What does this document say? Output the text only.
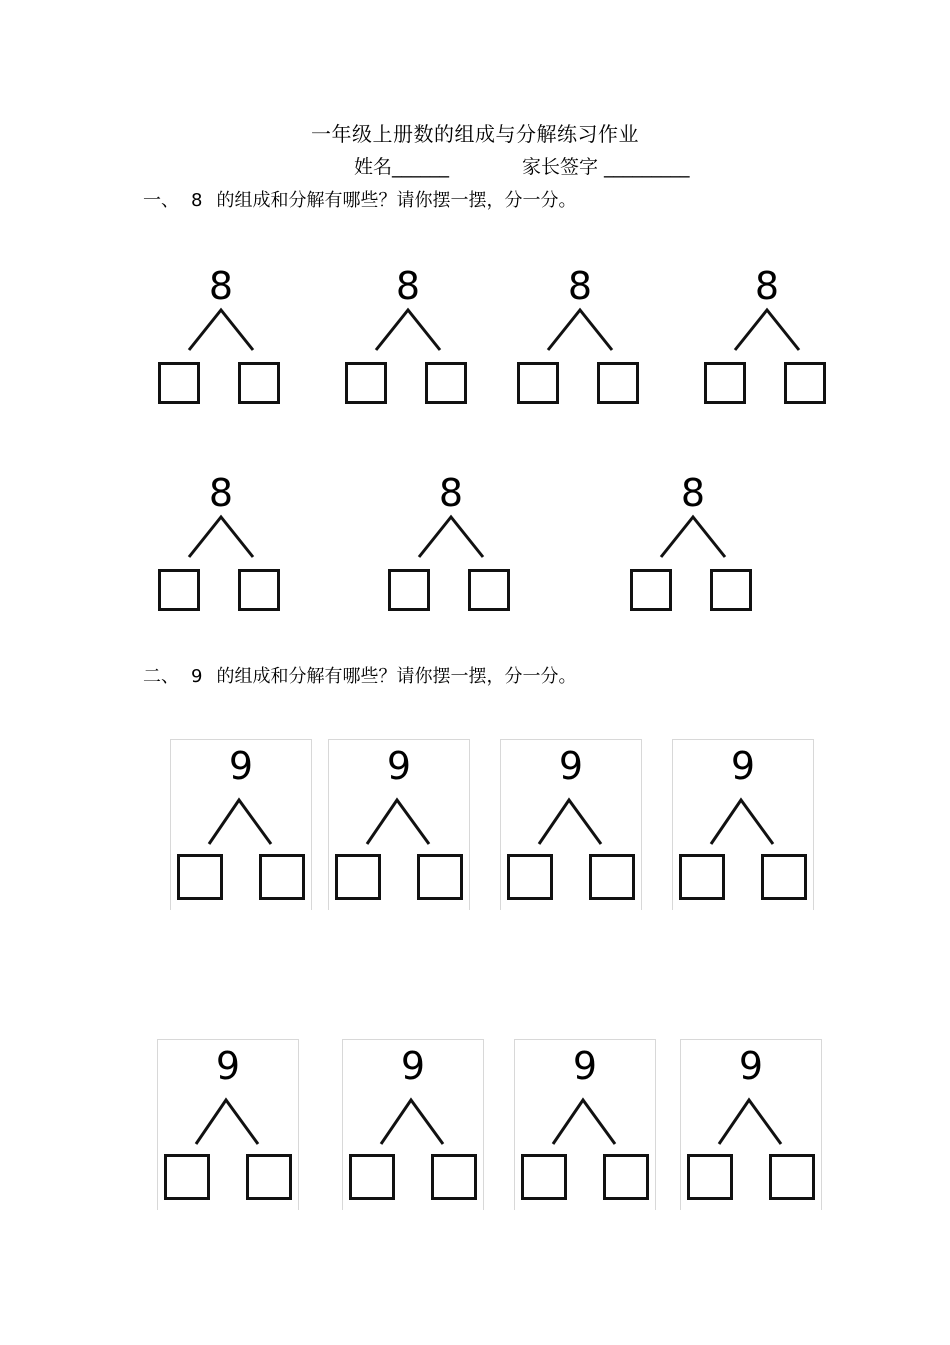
一年级上册数的组成与分解练习作业
姓名______	家长签字 _________
一、 8 的组成和分解有哪些？请你摆一摆，分一分。
二、 9 的组成和分解有哪些？请你摆一摆，分一分。
8	8	8	8
8	8	8
9	9	9	9
9	9	9	9
